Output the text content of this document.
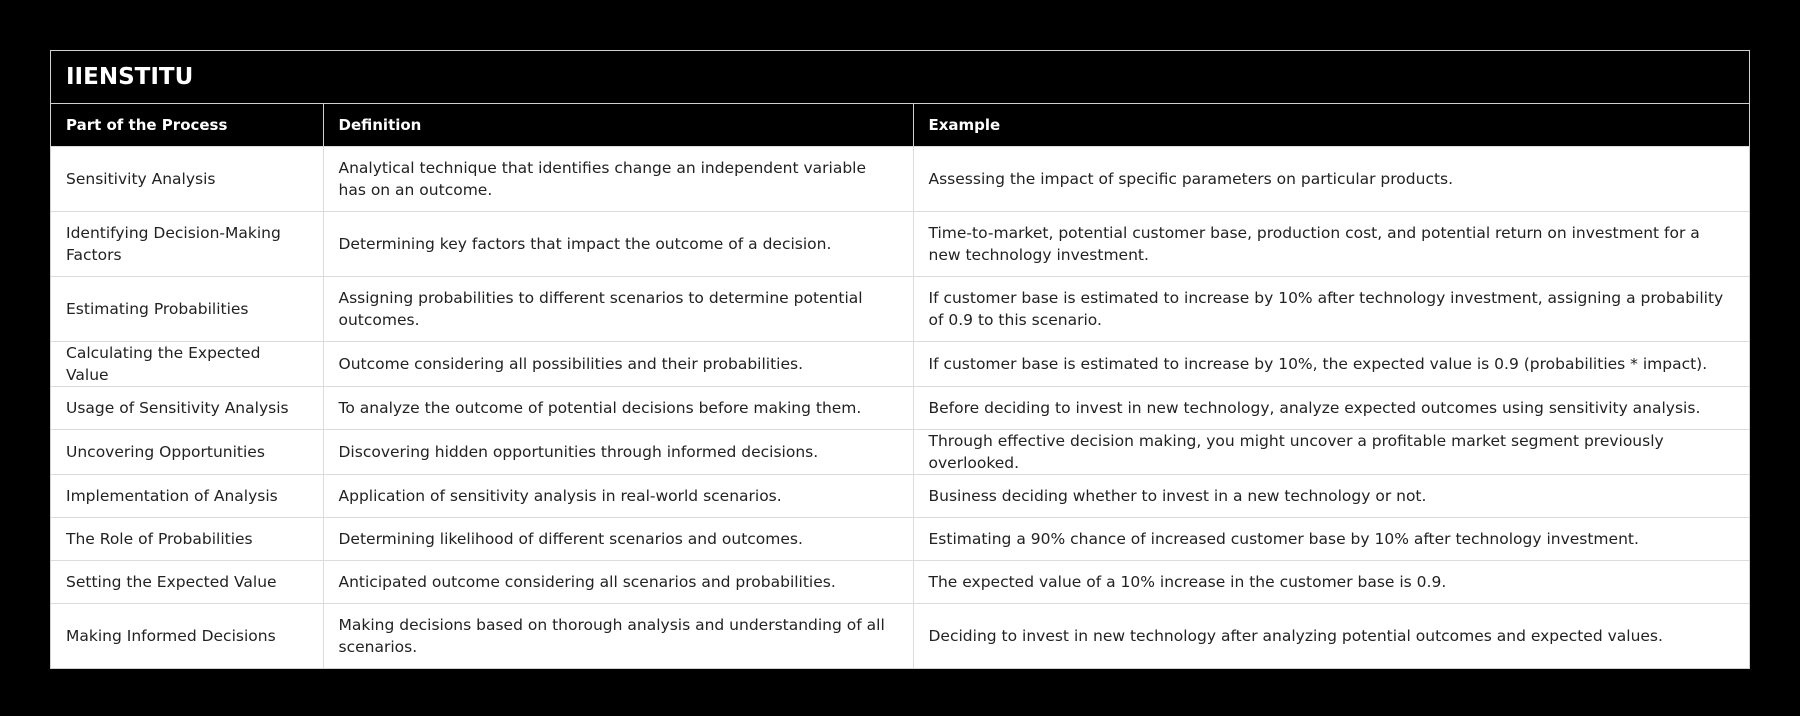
IIENSTITU
Part of the Process	Definition	Example
Sensitivity Analysis	Analytical technique that identifies change an independent variable has on an outcome.	Assessing the impact of specific parameters on particular products.
Identifying Decision-Making Factors	Determining key factors that impact the outcome of a decision.	Time-to-market, potential customer base, production cost, and potential return on investment for a new technology investment.
Estimating Probabilities	Assigning probabilities to different scenarios to determine potential outcomes.	If customer base is estimated to increase by 10% after technology investment, assigning a probability of 0.9 to this scenario.
Calculating the Expected Value	Outcome considering all possibilities and their probabilities.	If customer base is estimated to increase by 10%, the expected value is 0.9 (probabilities * impact).
Usage of Sensitivity Analysis	To analyze the outcome of potential decisions before making them.	Before deciding to invest in new technology, analyze expected outcomes using sensitivity analysis.
Uncovering Opportunities	Discovering hidden opportunities through informed decisions.	Through effective decision making, you might uncover a profitable market segment previously overlooked.
Implementation of Analysis	Application of sensitivity analysis in real-world scenarios.	Business deciding whether to invest in a new technology or not.
The Role of Probabilities	Determining likelihood of different scenarios and outcomes.	Estimating a 90% chance of increased customer base by 10% after technology investment.
Setting the Expected Value	Anticipated outcome considering all scenarios and probabilities.	The expected value of a 10% increase in the customer base is 0.9.
Making Informed Decisions	Making decisions based on thorough analysis and understanding of all scenarios.	Deciding to invest in new technology after analyzing potential outcomes and expected values.
